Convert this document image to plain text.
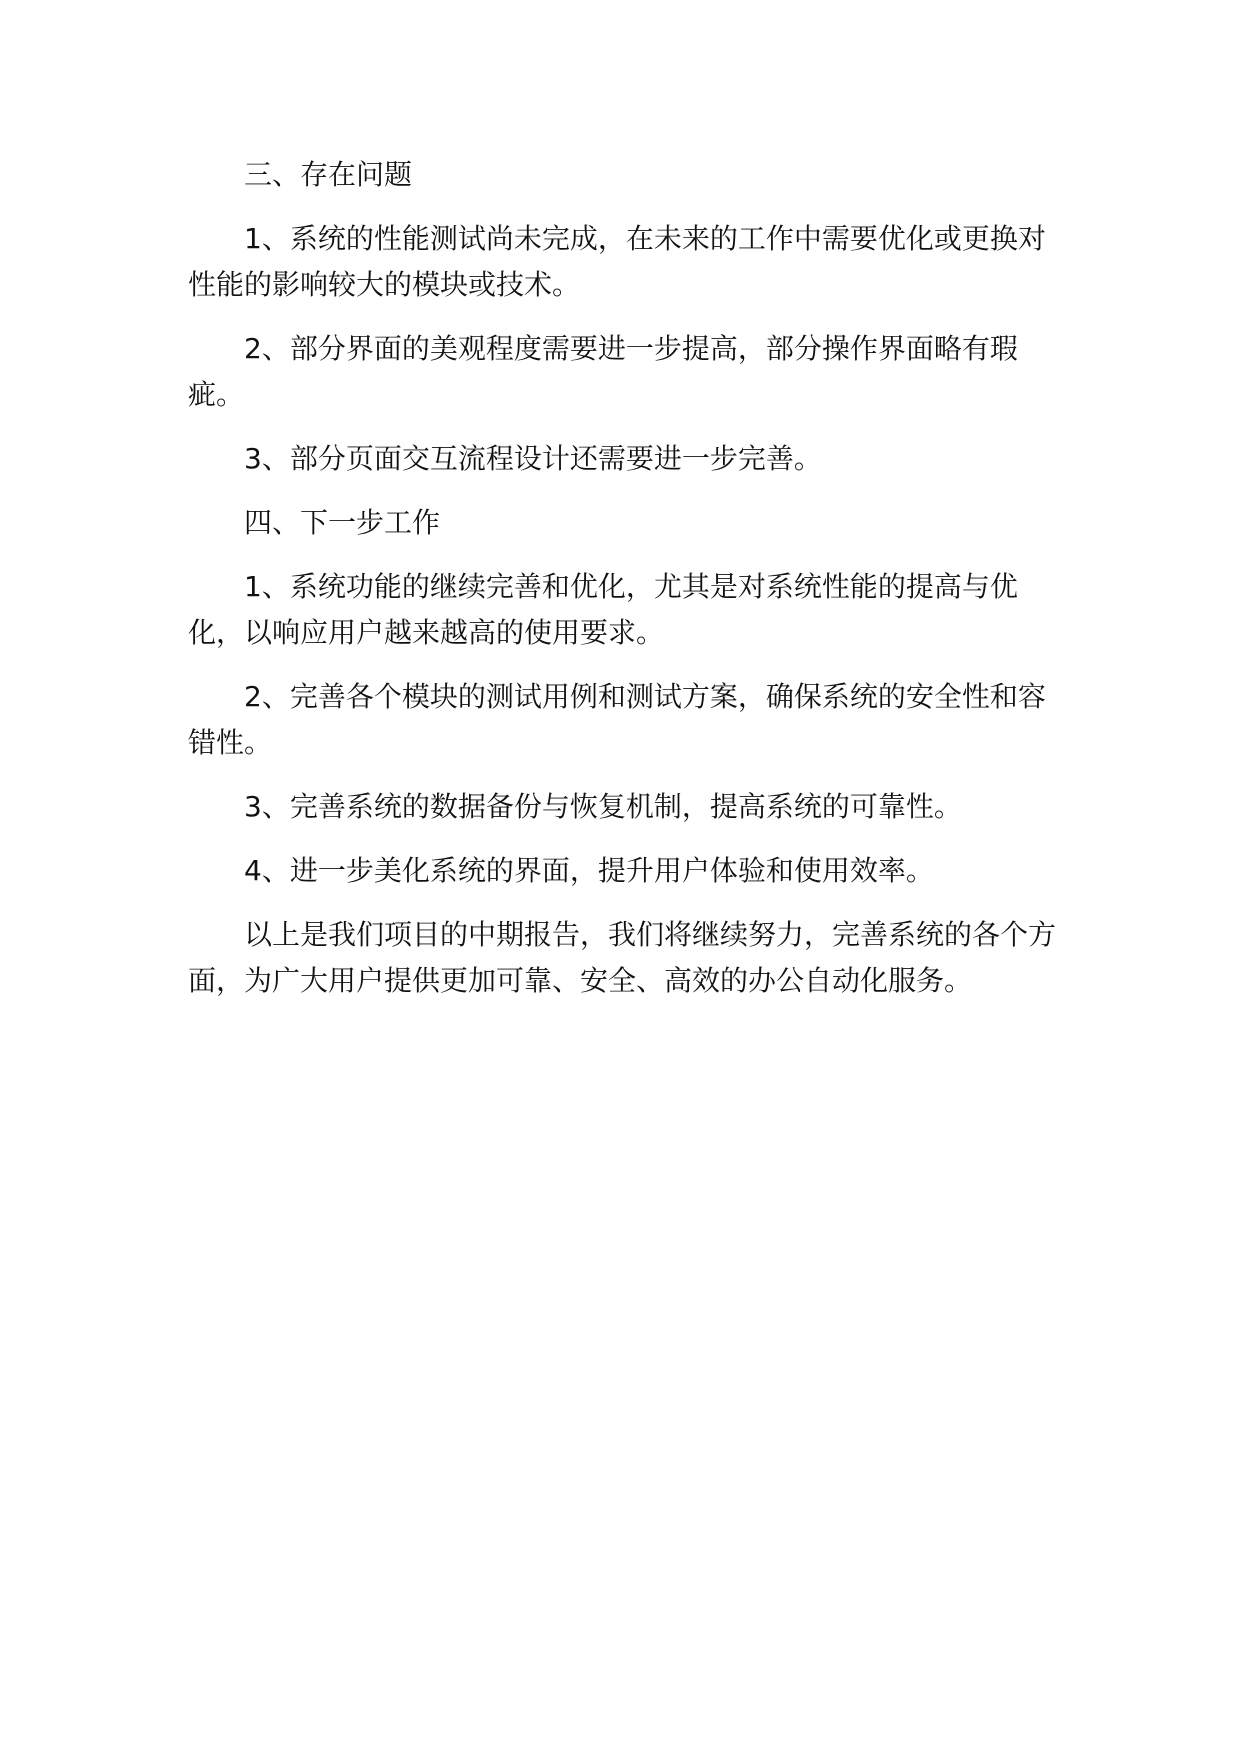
三、存在问题

1、系统的性能测试尚未完成，在未来的工作中需要优化或更换对性能的影响较大的模块或技术。

2、部分界面的美观程度需要进一步提高，部分操作界面略有瑕疵。

3、部分页面交互流程设计还需要进一步完善。

四、下一步工作

1、系统功能的继续完善和优化，尤其是对系统性能的提高与优化，以响应用户越来越高的使用要求。

2、完善各个模块的测试用例和测试方案，确保系统的安全性和容错性。

3、完善系统的数据备份与恢复机制，提高系统的可靠性。

4、进一步美化系统的界面，提升用户体验和使用效率。

以上是我们项目的中期报告，我们将继续努力，完善系统的各个方面，为广大用户提供更加可靠、安全、高效的办公自动化服务。
